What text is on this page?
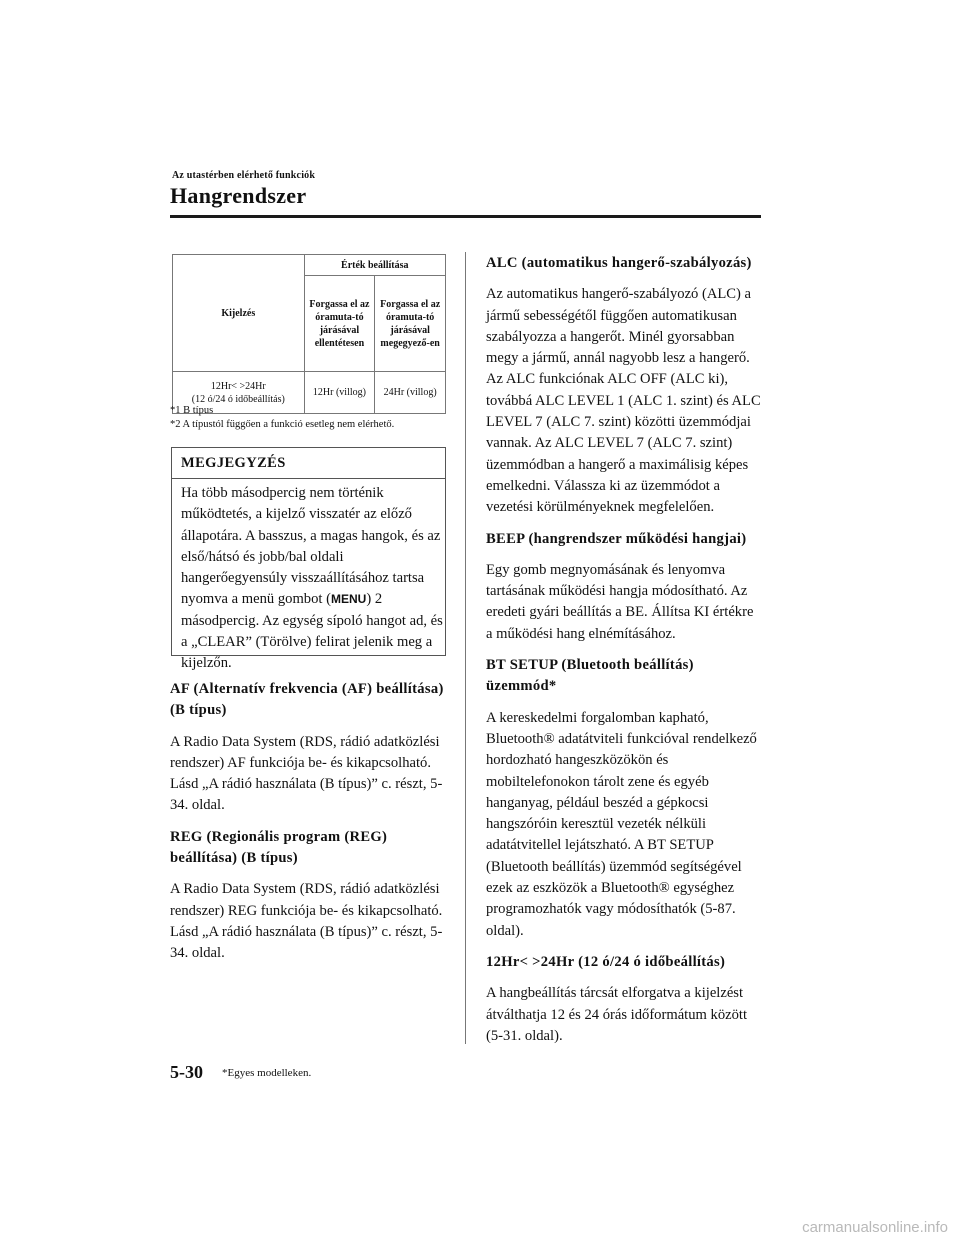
Az utastérben elérhető funkciók
Hangrendszer
Kijelzés	Érték beállítása	
	Forgassa el az óramuta-tó járásával ellentétesen	Forgassa el az óramuta-tó járásával megegyező-en

12Hr< >24Hr
(12 ó/24 ó időbeállítás)	12Hr (villog)	24Hr (villog)
*1 B típus
*2 A típustól függően a funkció esetleg nem elérhető.
MEGJEGYZÉS
Ha több másodpercig nem történik működtetés, a kijelző visszatér az előző állapotára. A basszus, a magas hangok, és az első/hátsó és jobb/bal oldali hangerőegyensúly visszaállításához tartsa nyomva a menü gombot (MENU) 2 másodpercig. Az egység sípoló hangot ad, és a „CLEAR” (Törölve) felirat jelenik meg a kijelzőn.
AF (Alternatív frekvencia (AF) beállítása) (B típus)
A Radio Data System (RDS, rádió adatközlési rendszer) AF funkciója be- és kikapcsolható.
Lásd „A rádió használata (B típus)” c. részt, 5-34. oldal.
REG (Regionális program (REG) beállítása) (B típus)
A Radio Data System (RDS, rádió adatközlési rendszer) REG funkciója be- és kikapcsolható.
Lásd „A rádió használata (B típus)” c. részt, 5-34. oldal.
ALC (automatikus hangerő-szabályozás)
Az automatikus hangerő-szabályozó (ALC) a jármű sebességétől függően automatikusan szabályozza a hangerőt. Minél gyorsabban megy a jármű, annál nagyobb lesz a hangerő. Az ALC funkciónak ALC OFF (ALC ki), továbbá ALC LEVEL 1 (ALC 1. szint) és ALC LEVEL 7 (ALC 7. szint) közötti üzemmódjai vannak. Az ALC LEVEL 7 (ALC 7. szint) üzemmódban a hangerő a maximálisig képes emelkedni. Válassza ki az üzemmódot a vezetési körülményeknek megfelelően.
BEEP (hangrendszer működési hangjai)
Egy gomb megnyomásának és lenyomva tartásának működési hangja módosítható. Az eredeti gyári beállítás a BE. Állítsa KI értékre a működési hang elnémításához.
BT SETUP (Bluetooth beállítás) üzemmód*
A kereskedelmi forgalomban kapható, Bluetooth® adatátviteli funkcióval rendelkező hordozható hangeszközökön és mobiltelefonokon tárolt zene és egyéb hanganyag, például beszéd a gépkocsi hangszóróin keresztül vezeték nélküli adatátvitellel lejátszható. A BT SETUP (Bluetooth beállítás) üzemmód segítségével ezek az eszközök a Bluetooth® egységhez programozhatók vagy módosíthatók (5-87. oldal).
12Hr< >24Hr (12 ó/24 ó időbeállítás)
A hangbeállítás tárcsát elforgatva a kijelzést átválthatja 12 és 24 órás időformátum között (5-31. oldal).
5-30 *Egyes modelleken.
carmanualsonline.info
